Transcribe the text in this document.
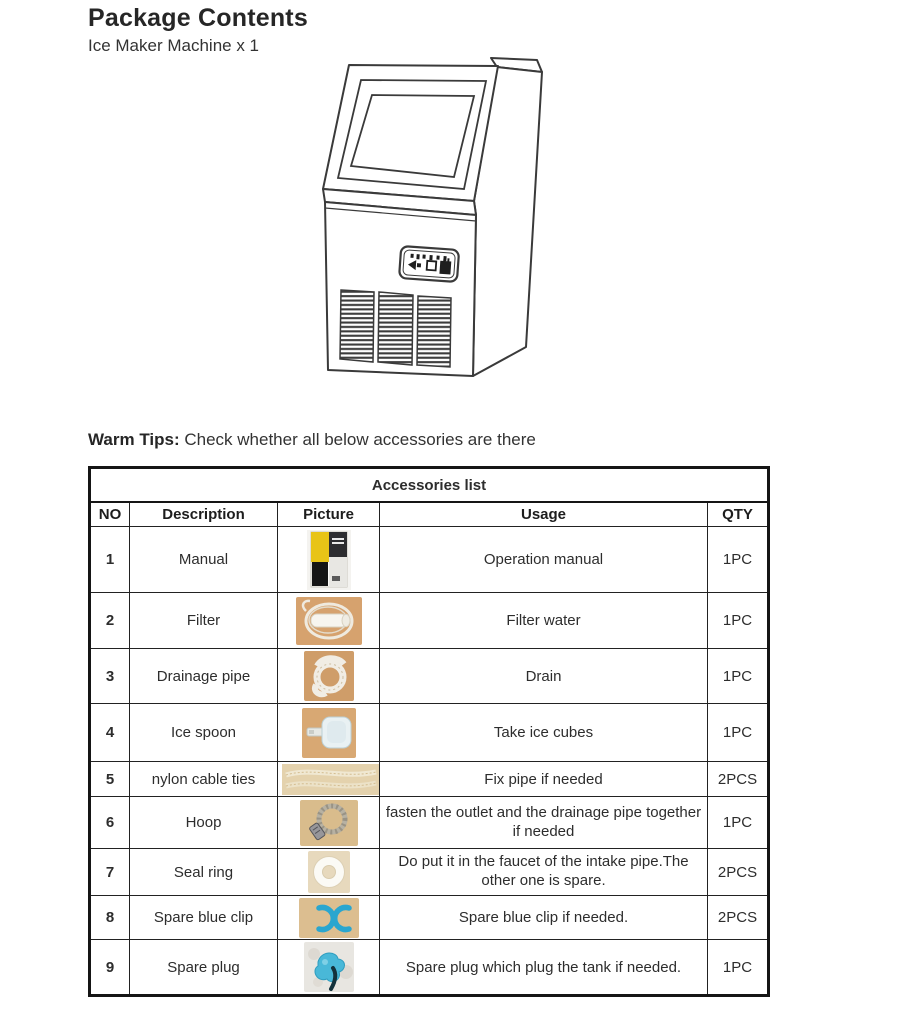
Package Contents

Ice Maker Machine x 1

Warm Tips: Check whether all below accessories are there

Accessories list				
NO	Description	Picture	Usage	QTY
1	Manual		Operation manual	1PC
2	Filter		Filter water	1PC
3	Drainage pipe		Drain	1PC
4	Ice spoon		Take ice cubes	1PC
5	nylon cable ties		Fix pipe if needed	2PCS
6	Hoop		fasten the outlet and the drainage pipe together if needed	1PC
7	Seal ring		Do put it in the faucet of the intake pipe.The other one is spare.	2PCS
8	Spare blue clip		Spare blue clip if needed.	2PCS
9	Spare plug		Spare plug which plug the tank if needed.	1PC
